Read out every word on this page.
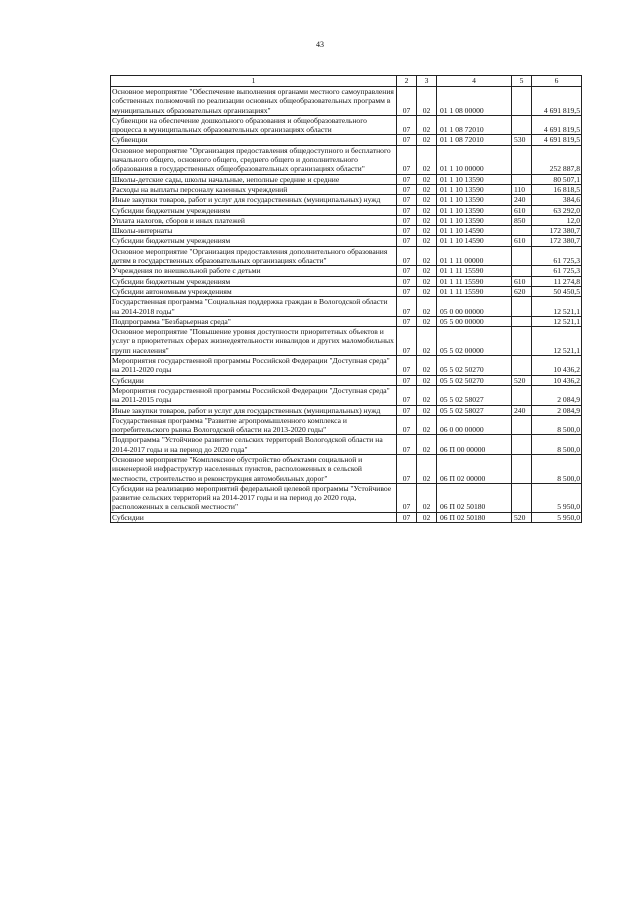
43
1	2	3	4	5	6
Основное мероприятие "Обеспечение выполнения органами местного самоуправления собственных полномочий по реализации основных общеобразовательных программ в муниципальных образовательных организациях"	07	02	01 1 08 00000		4 691 819,5
Субвенции на обеспечение дошкольного образования и общеобразовательного процесса в муниципальных образовательных организациях области	07	02	01 1 08 72010		4 691 819,5
Субвенции	07	02	01 1 08 72010	530	4 691 819,5
Основное мероприятие "Организация предоставления общедоступного и бесплатного начального общего, основного общего, среднего общего и дополнительного образования в государственных общеобразовательных организациях области"	07	02	01 1 10 00000		252 887,8
Школы-детские сады, школы начальные, неполные средние и средние	07	02	01 1 10 13590		80 507,1
Расходы на выплаты персоналу казенных учреждений	07	02	01 1 10 13590	110	16 818,5
Иные закупки товаров, работ и услуг для государственных (муниципальных) нужд	07	02	01 1 10 13590	240	384,6
Субсидии бюджетным учреждениям	07	02	01 1 10 13590	610	63 292,0
Уплата налогов, сборов и иных платежей	07	02	01 1 10 13590	850	12,0
Школы-интернаты	07	02	01 1 10 14590		172 380,7
Субсидии бюджетным учреждениям	07	02	01 1 10 14590	610	172 380,7
Основное мероприятие "Организация предоставления дополнительного образования детям в государственных образовательных организациях области"	07	02	01 1 11 00000		61 725,3
Учреждения по внешкольной работе с детьми	07	02	01 1 11 15590		61 725,3
Субсидии бюджетным учреждениям	07	02	01 1 11 15590	610	11 274,8
Субсидии автономным учреждениям	07	02	01 1 11 15590	620	50 450,5
Государственная программа "Социальная поддержка граждан в Вологодской области на 2014-2018 годы"	07	02	05 0 00 00000		12 521,1
Подпрограмма "Безбарьерная среда"	07	02	05 5 00 00000		12 521,1
Основное мероприятие "Повышение уровня доступности приоритетных объектов и услуг в приоритетных сферах жизнедеятельности инвалидов и других маломобильных групп населения"	07	02	05 5 02 00000		12 521,1
Мероприятия государственной программы Российской Федерации "Доступная среда" на 2011-2020 годы	07	02	05 5 02 50270		10 436,2
Субсидии	07	02	05 5 02 50270	520	10 436,2
Мероприятия государственной программы Российской Федерации "Доступная среда" на 2011-2015 годы	07	02	05 5 02 58027		2 084,9
Иные закупки товаров, работ и услуг для государственных (муниципальных) нужд	07	02	05 5 02 58027	240	2 084,9
Государственная программа "Развитие агропромышленного комплекса и потребительского рынка Вологодской области на 2013-2020 годы"	07	02	06 0 00 00000		8 500,0
Подпрограмма "Устойчивое развитие сельских территорий Вологодской области на 2014-2017 годы и на период до 2020 года"	07	02	06 П 00 00000		8 500,0
Основное мероприятие "Комплексное обустройство объектами социальной и инженерной инфраструктур населенных пунктов, расположенных в сельской местности, строительство и реконструкция автомобильных дорог"	07	02	06 П 02 00000		8 500,0
Субсидии на реализацию мероприятий федеральной целевой программы "Устойчивое развитие сельских территорий на 2014-2017 годы и на период до 2020 года, расположенных в сельской местности"	07	02	06 П 02 50180		5 950,0
Субсидии	07	02	06 П 02 50180	520	5 950,0
